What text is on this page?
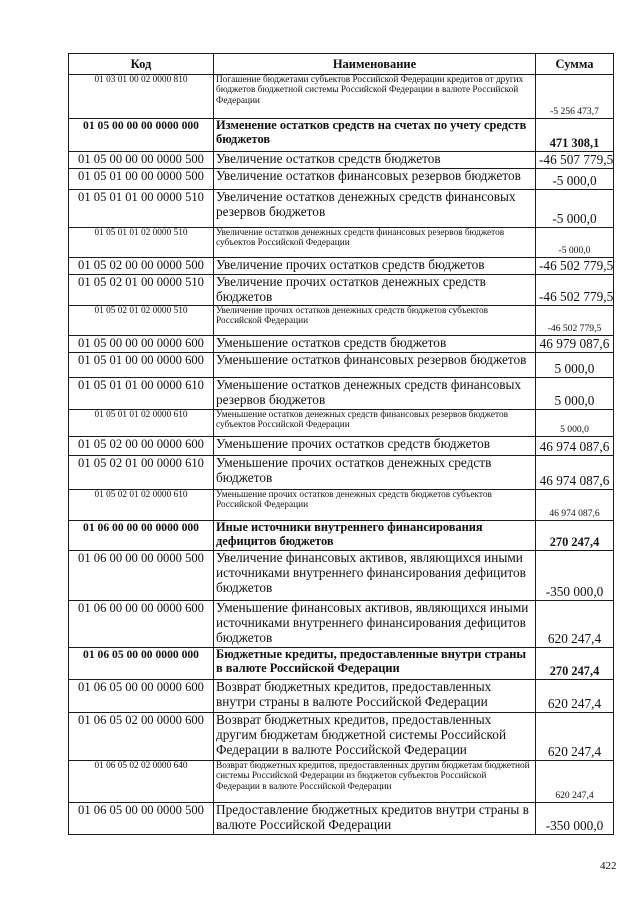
Код	Наименование	Сумма
01 03 01 00 02 0000 810	Погашение бюджетами субъектов Российской Федерации кредитов от других бюджетов бюджетной системы Российской Федерации в валюте Российской Федерации	-5 256 473,7
01 05 00 00 00 0000 000	Изменение остатков средств на счетах по учету средств бюджетов	471 308,1
01 05 00 00 00 0000 500	Увеличение остатков средств бюджетов	-46 507 779,5
01 05 01 00 00 0000 500	Увеличение остатков финансовых резервов бюджетов	-5 000,0
01 05 01 01 00 0000 510	Увеличение остатков денежных средств финансовых резервов бюджетов	-5 000,0
01 05 01 01 02 0000 510	Увеличение остатков денежных средств финансовых резервов бюджетов субъектов Российской Федерации	-5 000,0
01 05 02 00 00 0000 500	Увеличение прочих остатков средств бюджетов	-46 502 779,5
01 05 02 01 00 0000 510	Увеличение прочих остатков денежных средств бюджетов	-46 502 779,5
01 05 02 01 02 0000 510	Увеличение прочих остатков денежных средств бюджетов субъектов Российской Федерации	-46 502 779,5
01 05 00 00 00 0000 600	Уменьшение остатков средств бюджетов	46 979 087,6
01 05 01 00 00 0000 600	Уменьшение остатков финансовых резервов бюджетов	5 000,0
01 05 01 01 00 0000 610	Уменьшение остатков денежных средств финансовых резервов бюджетов	5 000,0
01 05 01 01 02 0000 610	Уменьшение остатков денежных средств финансовых резервов бюджетов субъектов Российской Федерации	5 000,0
01 05 02 00 00 0000 600	Уменьшение прочих остатков средств бюджетов	46 974 087,6
01 05 02 01 00 0000 610	Уменьшение прочих остатков денежных средств бюджетов	46 974 087,6
01 05 02 01 02 0000 610	Уменьшение прочих остатков денежных средств бюджетов субъектов Российской Федерации	46 974 087,6
01 06 00 00 00 0000 000	Иные источники внутреннего финансирования дефицитов бюджетов	270 247,4
01 06 00 00 00 0000 500	Увеличение финансовых активов, являющихся иными источниками внутреннего финансирования дефицитов бюджетов	-350 000,0
01 06 00 00 00 0000 600	Уменьшение финансовых активов, являющихся иными источниками внутреннего финансирования дефицитов бюджетов	620 247,4
01 06 05 00 00 0000 000	Бюджетные кредиты, предоставленные внутри страны в валюте Российской Федерации	270 247,4
01 06 05 00 00 0000 600	Возврат бюджетных кредитов, предоставленных внутри страны в валюте Российской Федерации	620 247,4
01 06 05 02 00 0000 600	Возврат бюджетных кредитов, предоставленных другим бюджетам бюджетной системы Российской Федерации в валюте Российской Федерации	620 247,4
01 06 05 02 02 0000 640	Возврат бюджетных кредитов, предоставленных другим бюджетам бюджетной системы Российской Федерации из бюджетов субъектов Российской Федерации в валюте Российской Федерации	620 247,4
01 06 05 00 00 0000 500	Предоставление бюджетных кредитов внутри страны в валюте Российской Федерации	-350 000,0
422
